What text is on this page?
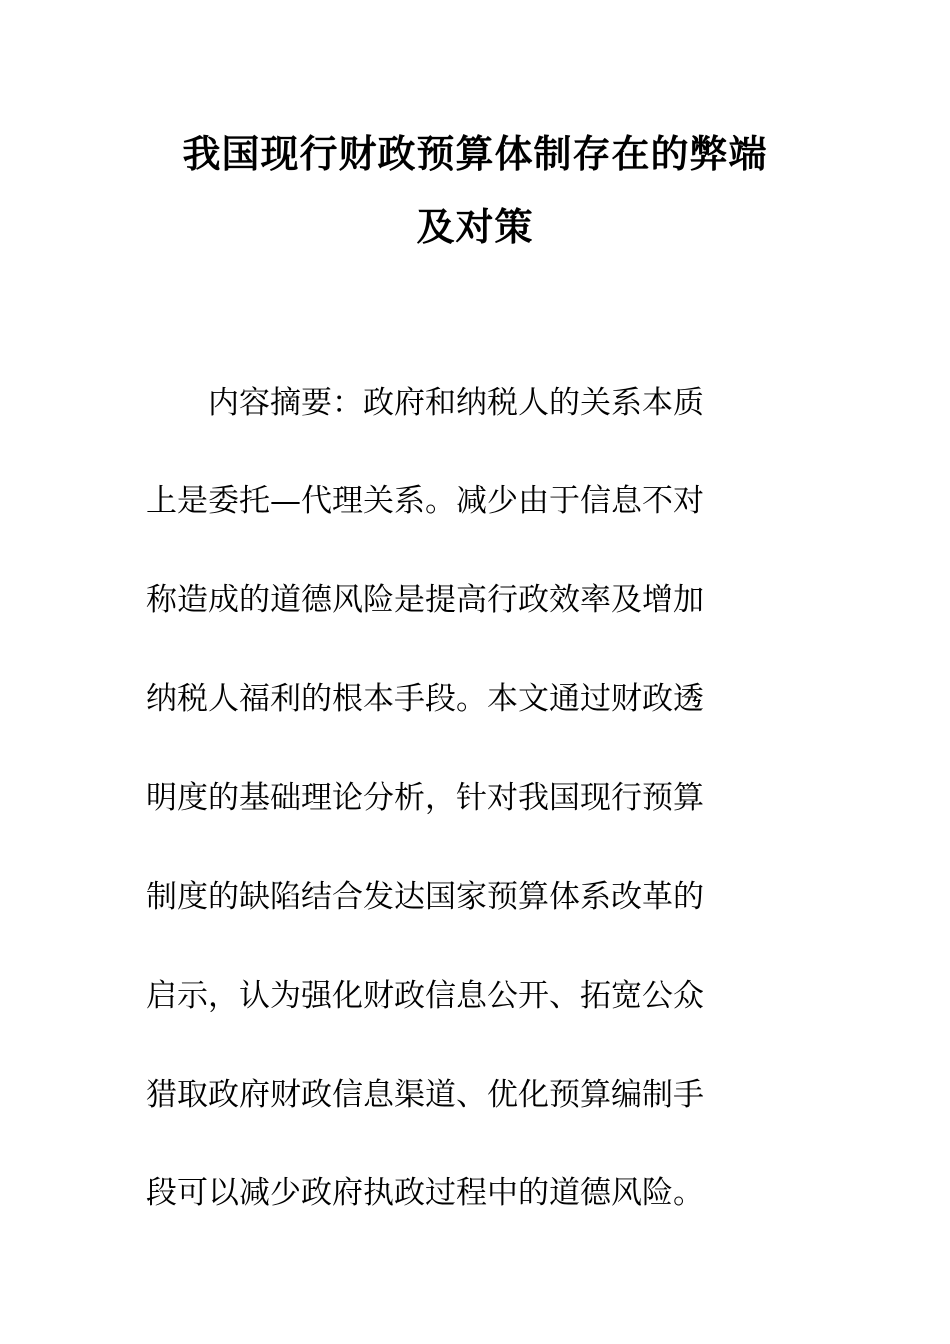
我国现行财政预算体制存在的弊端
及对策
　　内容摘要：政府和纳税人的关系本质
上是委托—代理关系。减少由于信息不对
称造成的道德风险是提高行政效率及增加
纳税人福利的根本手段。本文通过财政透
明度的基础理论分析，针对我国现行预算
制度的缺陷结合发达国家预算体系改革的
启示，认为强化财政信息公开、拓宽公众
猎取政府财政信息渠道、优化预算编制手
段可以减少政府执政过程中的道德风险。
